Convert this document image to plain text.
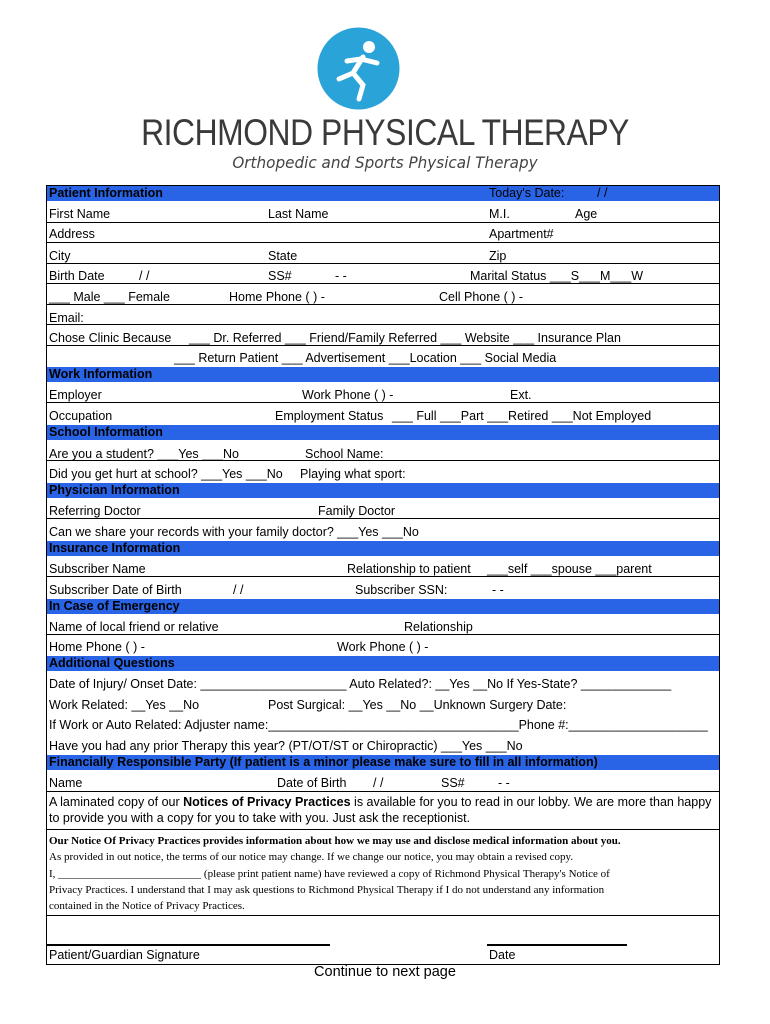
RICHMOND PHYSICAL THERAPY
Orthopedic and Sports Physical Therapy
Patient Information	Today's Date:	/ /
First Name	Last Name	M.I.	Age
Address	Apartment#
City	State	Zip
Birth Date	/ /	SS#	- -	Marital Status ___S___M___W
___ Male ___ Female	Home Phone ( ) -	Cell Phone ( ) -
Email:
Chose Clinic Because ___ Dr. Referred ___ Friend/Family Referred ___ Website ___ Insurance Plan
___ Return Patient ___ Advertisement ___Location ___ Social Media
Work Information
Employer	Work Phone ( ) -	Ext.
Occupation	Employment Status ___ Full ___Part ___Retired ___Not Employed
School Information
Are you a student? ___Yes ___No	School Name:
Did you get hurt at school? ___Yes ___No Playing what sport:
Physician Information
Referring Doctor	Family Doctor
Can we share your records with your family doctor? ___Yes ___No
Insurance Information
Subscriber Name	Relationship to patient ___self ___spouse ___parent
Subscriber Date of Birth	/ /	Subscriber SSN:	- -
In Case of Emergency
Name of local friend or relative	Relationship
Home Phone ( ) -	Work Phone ( ) -
Additional Questions
Date of Injury/ Onset Date: _____________________ Auto Related?: __Yes __No If Yes-State? _____________
Work Related: __Yes __No	Post Surgical: __Yes __No __Unknown Surgery Date:
If Work or Auto Related: Adjuster name:____________________________________Phone #:____________________
Have you had any prior Therapy this year? (PT/OT/ST or Chiropractic) ___Yes ___No
Financially Responsible Party (If patient is a minor please make sure to fill in all information)
Name	Date of Birth / /	SS#	- -
A laminated copy of our Notices of Privacy Practices is available for you to read in our lobby. We are more than happy
to provide you with a copy for you to take with you. Just ask the receptionist.
Our Notice Of Privacy Practices provides information about how we may use and disclose medical information about you.
As provided in out notice, the terms of our notice may change. If we change our notice, you may obtain a revised copy.
I, __________________________ (please print patient name) have reviewed a copy of Richmond Physical Therapy's Notice of
Privacy Practices. I understand that I may ask questions to Richmond Physical Therapy if I do not understand any information
contained in the Notice of Privacy Practices.
Patient/Guardian Signature	Date
Continue to next page
